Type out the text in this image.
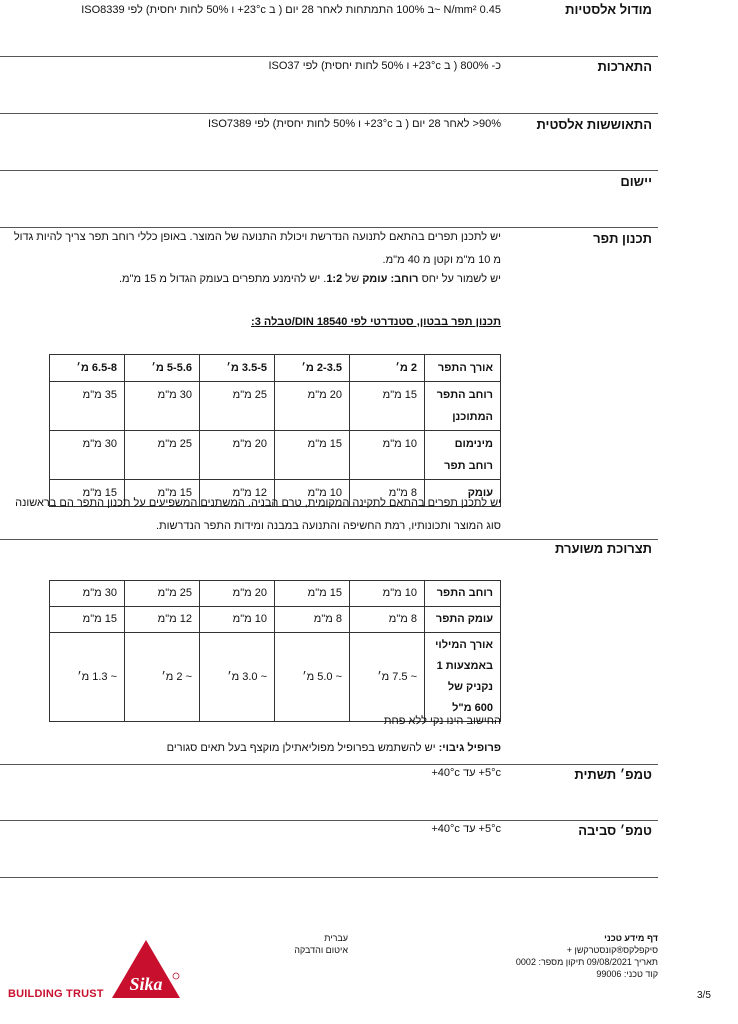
מודול אלסטיות
0.45 N/mm² ~ב 100% התמתחות לאחר 28 יום ( ב 23°c+ ו 50% לחות יחסית) לפי ISO8339
התארכות
כ- 800% ( ב 23°c+ ו 50% לחות יחסית) לפי ISO37
התאוששות אלסטית
90%< לאחר 28 יום ( ב 23°c+ ו 50% לחות יחסית) לפי ISO7389
יישום
תכנון תפר
יש לתכנן תפרים בהתאם לתנועה הנדרשת ויכולת התנועה של המוצר. באופן כללי רוחב תפר צריך להיות גדול מ 10 מ"מ וקטן מ 40 מ"מ.
יש לשמור על יחס רוחב: עומק של 1:2. יש להימנע מתפרים בעומק הגדול מ 15 מ"מ.
תכנון תפר בבטון, סטנדרטי לפי DIN 18540/טבלה 3:
אורך התפר	2 מ׳	2-3.5 מ׳	3.5-5 מ׳	5-5.6 מ׳	6.5-8 מ׳
רוחב התפר המתוכנן	15 מ"מ	20 מ"מ	25 מ"מ	30 מ"מ	35 מ"מ
מינימום רוחב תפר	10 מ"מ	15 מ"מ	20 מ"מ	25 מ"מ	30 מ"מ
עומק	8 מ"מ	10 מ"מ	12 מ"מ	15 מ"מ	15 מ"מ
יש לתכנן תפרים בהתאם לתקינה המקומית, טרם הבניה. המשתנים המשפיעים על תכנון התפר הם בראשונה סוג המוצר ותכונותיו, רמת החשיפה והתנועה במבנה ומידות התפר הנדרשות.
תצרוכת משוערת
רוחב התפר	10 מ"מ	15 מ"מ	20 מ"מ	25 מ"מ	30 מ"מ
עומק התפר	8 מ"מ	8 מ"מ	10 מ"מ	12 מ"מ	15 מ"מ
אורך המילוי באמצעות 1 נקניק של 600 מ"ל	~ 7.5 מ׳	~ 5.0 מ׳	~ 3.0 מ׳	~ 2 מ׳	~ 1.3 מ׳
החישוב הינו נקי ללא פחת
פרופיל גיבוי: יש להשתמש בפרופיל מפוליאתילן מוקצף בעל תאים סגורים
טמפ׳ תשתית
5°c+ עד 40°c+
טמפ׳ סביבה
5°c+ עד 40°c+
דף מידע טכני
סיקפלקס®קונסטרקשן +
תאריך 09/08/2021 תיקון מספר: 0002
קוד טכני: 99006
עברית
איטום והדבקה
Sika
BUILDING TRUST	3/5
